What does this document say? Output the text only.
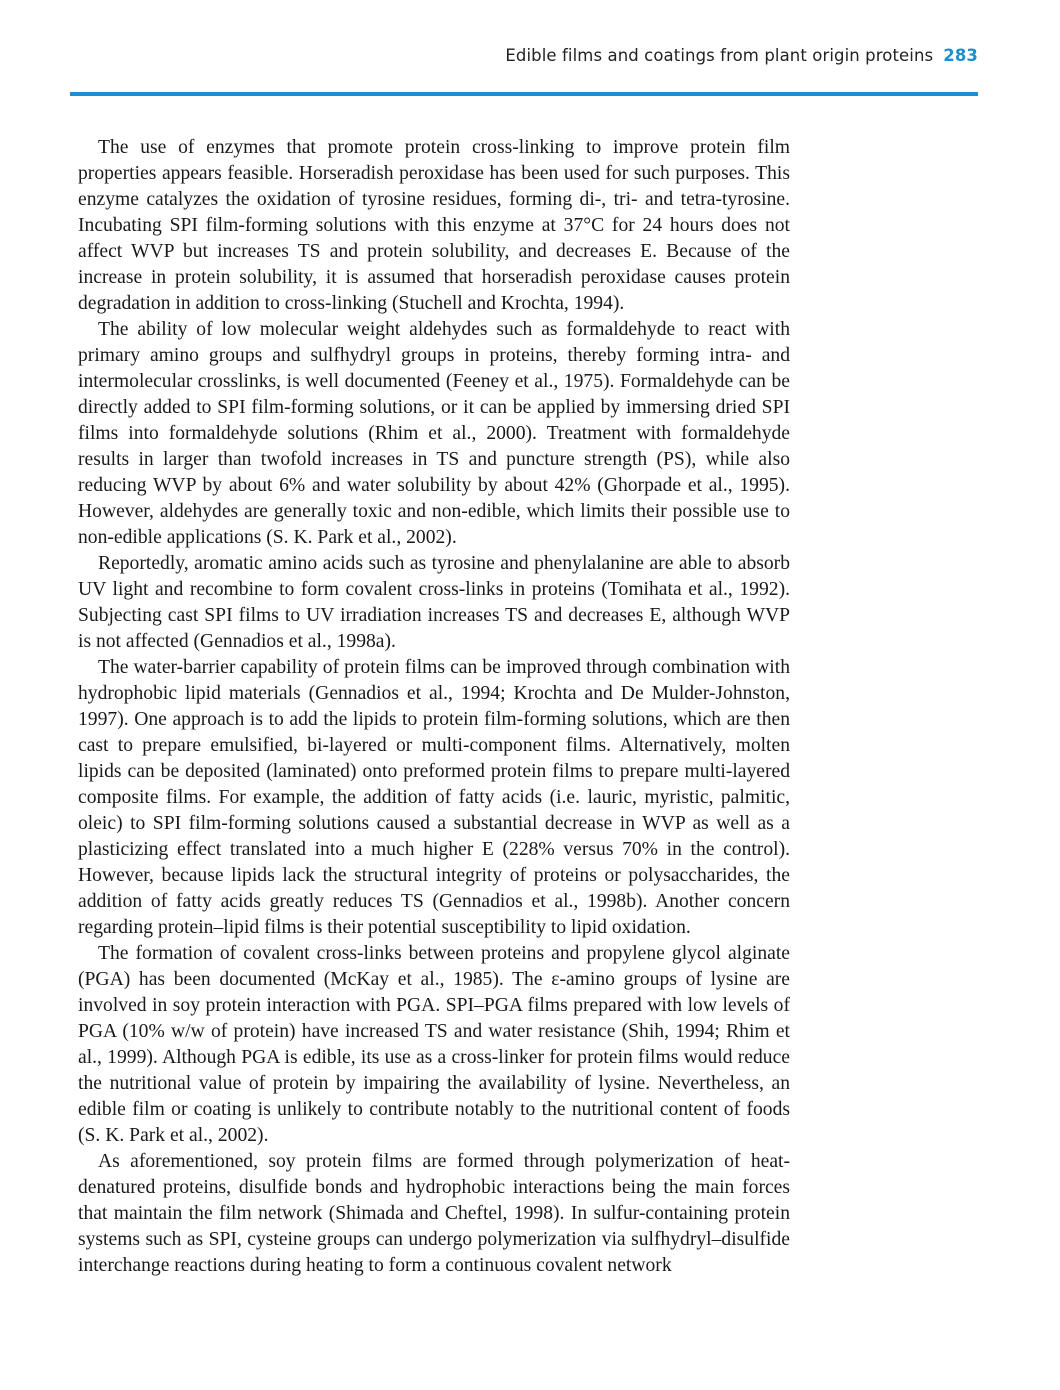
Edible films and coatings from plant origin proteins 283

The use of enzymes that promote protein cross-linking to improve protein film properties appears feasible. Horseradish peroxidase has been used for such purposes. This enzyme catalyzes the oxidation of tyrosine residues, forming di-, tri- and tetra-tyrosine. Incubating SPI film-forming solutions with this enzyme at 37°C for 24 hours does not affect WVP but increases TS and protein solubility, and decreases E. Because of the increase in protein solubility, it is assumed that horseradish peroxidase causes protein degradation in addition to cross-linking (Stuchell and Krochta, 1994).

The ability of low molecular weight aldehydes such as formaldehyde to react with primary amino groups and sulfhydryl groups in proteins, thereby forming intra- and intermolecular crosslinks, is well documented (Feeney et al., 1975). Formaldehyde can be directly added to SPI film-forming solutions, or it can be applied by immersing dried SPI films into formaldehyde solutions (Rhim et al., 2000). Treatment with formaldehyde results in larger than twofold increases in TS and puncture strength (PS), while also reducing WVP by about 6% and water solubility by about 42% (Ghorpade et al., 1995). However, aldehydes are generally toxic and non-edible, which limits their possible use to non-edible applications (S. K. Park et al., 2002).

Reportedly, aromatic amino acids such as tyrosine and phenylalanine are able to absorb UV light and recombine to form covalent cross-links in proteins (Tomihata et al., 1992). Subjecting cast SPI films to UV irradiation increases TS and decreases E, although WVP is not affected (Gennadios et al., 1998a).

The water-barrier capability of protein films can be improved through combination with hydrophobic lipid materials (Gennadios et al., 1994; Krochta and De Mulder-Johnston, 1997). One approach is to add the lipids to protein film-forming solutions, which are then cast to prepare emulsified, bi-layered or multi-component films. Alternatively, molten lipids can be deposited (laminated) onto preformed protein films to prepare multi-layered composite films. For example, the addition of fatty acids (i.e. lauric, myristic, palmitic, oleic) to SPI film-forming solutions caused a substantial decrease in WVP as well as a plasticizing effect translated into a much higher E (228% versus 70% in the control). However, because lipids lack the structural integrity of proteins or polysaccharides, the addition of fatty acids greatly reduces TS (Gennadios et al., 1998b). Another concern regarding protein–lipid films is their potential susceptibility to lipid oxidation.

The formation of covalent cross-links between proteins and propylene glycol alginate (PGA) has been documented (McKay et al., 1985). The ε-amino groups of lysine are involved in soy protein interaction with PGA. SPI–PGA films prepared with low levels of PGA (10% w/w of protein) have increased TS and water resistance (Shih, 1994; Rhim et al., 1999). Although PGA is edible, its use as a cross-linker for protein films would reduce the nutritional value of protein by impairing the availability of lysine. Nevertheless, an edible film or coating is unlikely to contribute notably to the nutritional content of foods (S. K. Park et al., 2002).

As aforementioned, soy protein films are formed through polymerization of heat-denatured proteins, disulfide bonds and hydrophobic interactions being the main forces that maintain the film network (Shimada and Cheftel, 1998). In sulfur-containing protein systems such as SPI, cysteine groups can undergo polymerization via sulfhydryl–disulfide interchange reactions during heating to form a continuous covalent network
